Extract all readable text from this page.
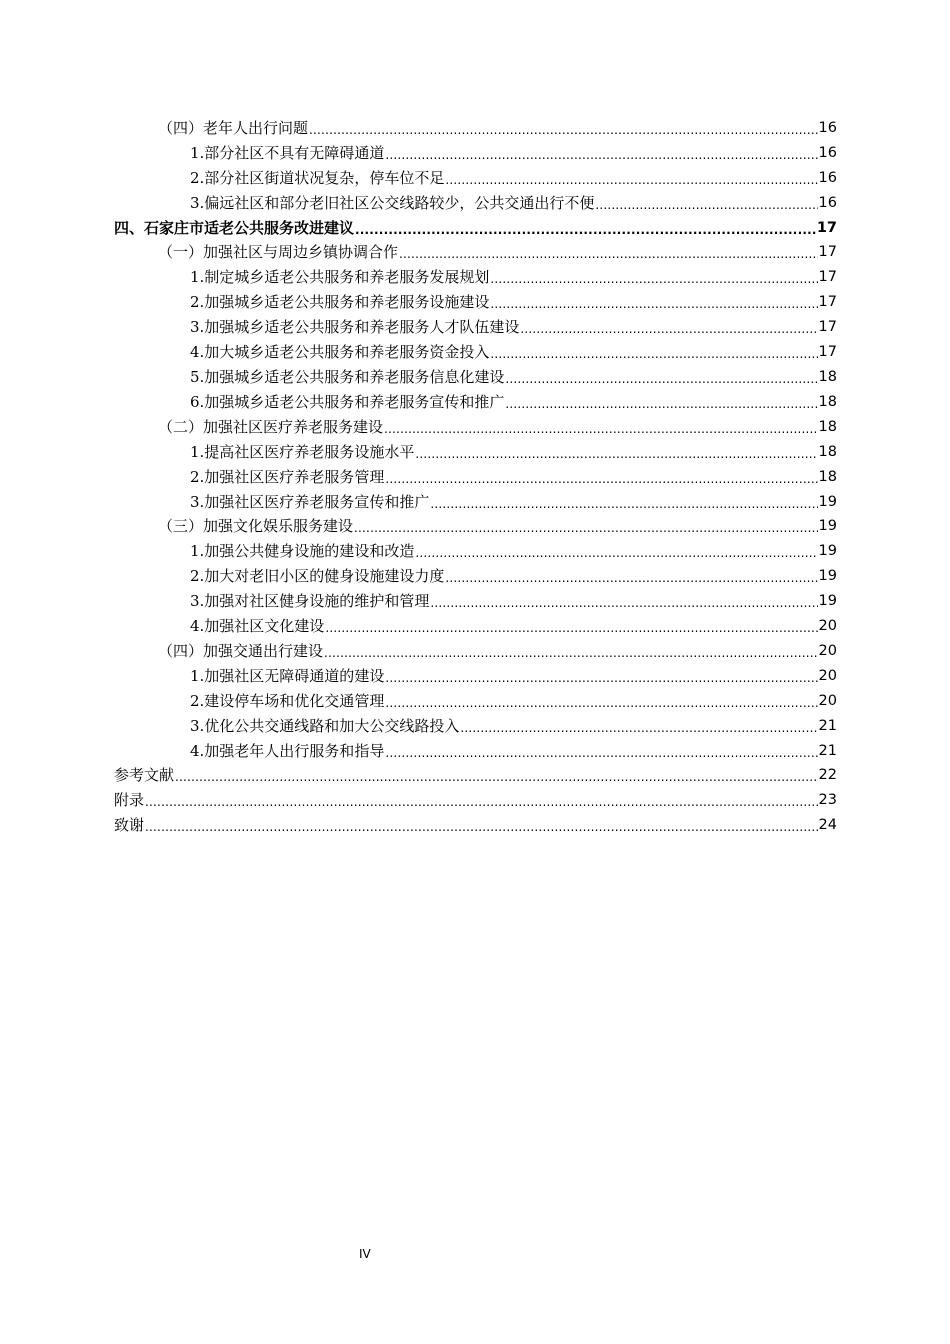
（四）老年人出行问题 .....	16
1.部分社区不具有无障碍通道 .....	16
2.部分社区街道状况复杂，停车位不足 .....	16
3.偏远社区和部分老旧社区公交线路较少，公共交通出行不便 .....	16
四、石家庄市适老公共服务改进建议 .....	17
（一）加强社区与周边乡镇协调合作 .....	17
1.制定城乡适老公共服务和养老服务发展规划 .....	17
2.加强城乡适老公共服务和养老服务设施建设 .....	17
3.加强城乡适老公共服务和养老服务人才队伍建设 .....	17
4.加大城乡适老公共服务和养老服务资金投入 .....	17
5.加强城乡适老公共服务和养老服务信息化建设 .....	18
6.加强城乡适老公共服务和养老服务宣传和推广 .....	18
（二）加强社区医疗养老服务建设 .....	18
1.提高社区医疗养老服务设施水平 .....	18
2.加强社区医疗养老服务管理 .....	18
3.加强社区医疗养老服务宣传和推广 .....	19
（三）加强文化娱乐服务建设 .....	19
1.加强公共健身设施的建设和改造 .....	19
2.加大对老旧小区的健身设施建设力度 .....	19
3.加强对社区健身设施的维护和管理 .....	19
4.加强社区文化建设 .....	20
（四）加强交通出行建设 .....	20
1.加强社区无障碍通道的建设 .....	20
2.建设停车场和优化交通管理 .....	20
3.优化公共交通线路和加大公交线路投入 .....	21
4.加强老年人出行服务和指导 .....	21
参考文献 .....	22
附录 .....	23
致谢 .....	24
IV
